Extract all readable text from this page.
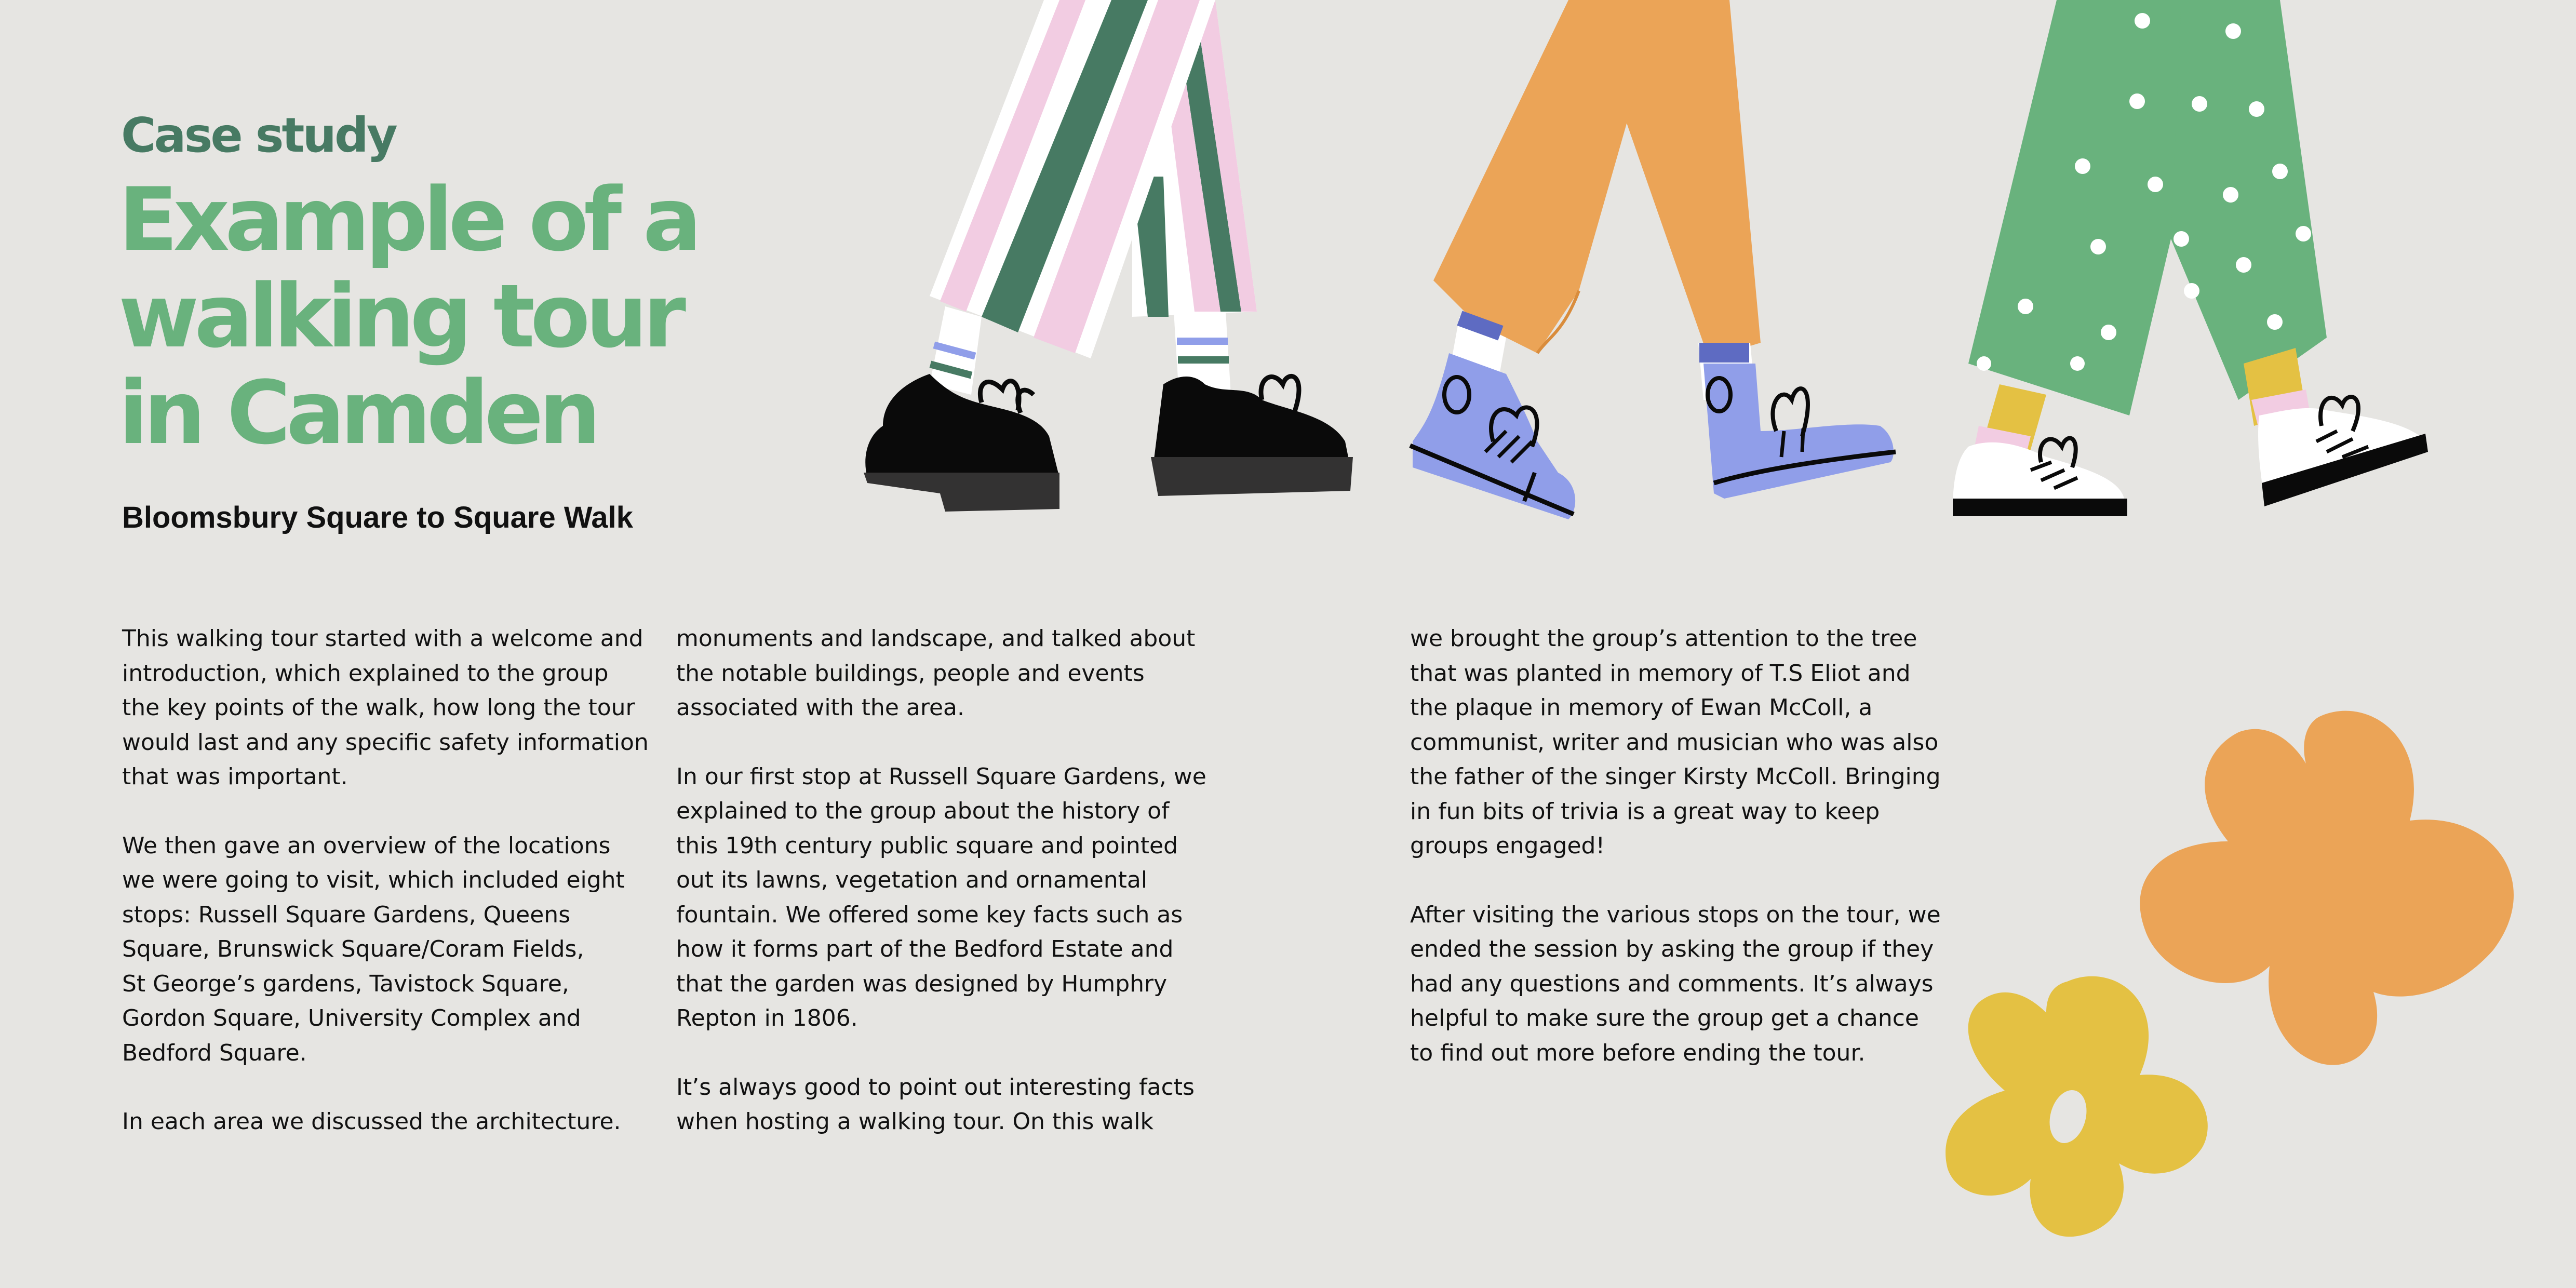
Case study
Example of a
walking tour
in Camden
Bloomsbury Square to Square Walk

This walking tour started with a welcome and
introduction, which explained to the group
the key points of the walk, how long the tour
would last and any specific safety information
that was important.

We then gave an overview of the locations
we were going to visit, which included eight
stops: Russell Square Gardens, Queens
Square, Brunswick Square/Coram Fields,
St George’s gardens, Tavistock Square,
Gordon Square, University Complex and
Bedford Square.

In each area we discussed the architecture.

monuments and landscape, and talked about
the notable buildings, people and events
associated with the area.

In our first stop at Russell Square Gardens, we
explained to the group about the history of
this 19th century public square and pointed
out its lawns, vegetation and ornamental
fountain. We offered some key facts such as
how it forms part of the Bedford Estate and
that the garden was designed by Humphry
Repton in 1806.

It’s always good to point out interesting facts
when hosting a walking tour. On this walk

we brought the group’s attention to the tree
that was planted in memory of T.S Eliot and
the plaque in memory of Ewan McColl, a
communist, writer and musician who was also
the father of the singer Kirsty McColl. Bringing
in fun bits of trivia is a great way to keep
groups engaged!

After visiting the various stops on the tour, we
ended the session by asking the group if they
had any questions and comments. It’s always
helpful to make sure the group get a chance
to find out more before ending the tour.
